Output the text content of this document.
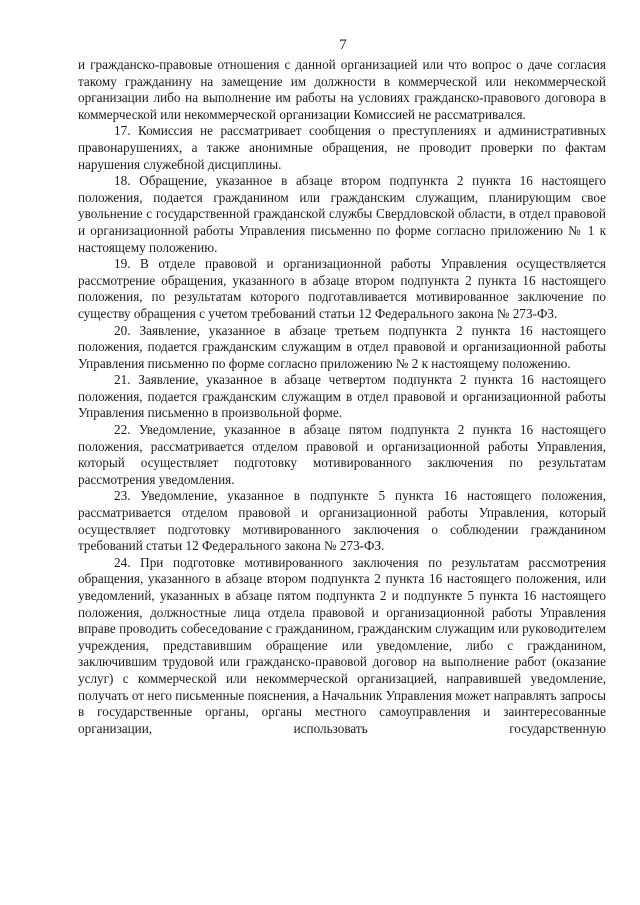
7

и гражданско-правовые отношения с данной организацией или что вопрос о даче согласия такому гражданину на замещение им должности в коммерческой или некоммерческой организации либо на выполнение им работы на условиях гражданско-правового договора в коммерческой или некоммерческой организации Комиссией не рассматривался.

17. Комиссия не рассматривает сообщения о преступлениях и административных правонарушениях, а также анонимные обращения, не проводит проверки по фактам нарушения служебной дисциплины.

18. Обращение, указанное в абзаце втором подпункта 2 пункта 16 настоящего положения, подается гражданином или гражданским служащим, планирующим свое увольнение с государственной гражданской службы Свердловской области, в отдел правовой и организационной работы Управления письменно по форме согласно приложению № 1 к настоящему положению.

19. В отделе правовой и организационной работы Управления осуществляется рассмотрение обращения, указанного в абзаце втором подпункта 2 пункта 16 настоящего положения, по результатам которого подготавливается мотивированное заключение по существу обращения с учетом требований статьи 12 Федерального закона № 273-ФЗ.

20. Заявление, указанное в абзаце третьем подпункта 2 пункта 16 настоящего положения, подается гражданским служащим в отдел правовой и организационной работы Управления письменно по форме согласно приложению № 2 к настоящему положению.

21. Заявление, указанное в абзаце четвертом подпункта 2 пункта 16 настоящего положения, подается гражданским служащим в отдел правовой и организационной работы Управления письменно в произвольной форме.

22. Уведомление, указанное в абзаце пятом подпункта 2 пункта 16 настоящего положения, рассматривается отделом правовой и организационной работы Управления, который осуществляет подготовку мотивированного заключения по результатам рассмотрения уведомления.

23. Уведомление, указанное в подпункте 5 пункта 16 настоящего положения, рассматривается отделом правовой и организационной работы Управления, который осуществляет подготовку мотивированного заключения о соблюдении гражданином требований статьи 12 Федерального закона № 273-ФЗ.

24. При подготовке мотивированного заключения по результатам рассмотрения обращения, указанного в абзаце втором подпункта 2 пункта 16 настоящего положения, или уведомлений, указанных в абзаце пятом подпункта 2 и подпункте 5 пункта 16 настоящего положения, должностные лица отдела правовой и организационной работы Управления вправе проводить собеседование с гражданином, гражданским служащим или руководителем учреждения, представившим обращение или уведомление, либо с гражданином, заключившим трудовой или гражданско-правовой договор на выполнение работ (оказание услуг) с коммерческой или некоммерческой организацией, направившей уведомление, получать от него письменные пояснения, а Начальник Управления может направлять запросы в государственные органы, органы местного самоуправления и заинтересованные организации, использовать государственную
